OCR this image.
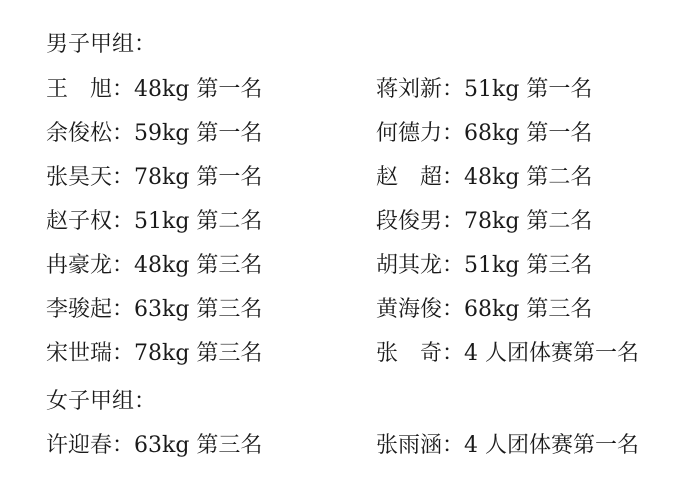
男子甲组：
王　旭：48kg 第一名	蒋刘新：51kg 第一名
余俊松：59kg 第一名	何德力：68kg 第一名
张昊天：78kg 第一名	赵　超：48kg 第二名
赵子权：51kg 第二名	段俊男：78kg 第二名
冉豪龙：48kg 第三名	胡其龙：51kg 第三名
李骏起：63kg 第三名	黄海俊：68kg 第三名
宋世瑞：78kg 第三名	张　奇：4 人团体赛第一名
女子甲组：
许迎春：63kg 第三名	张雨涵：4 人团体赛第一名
